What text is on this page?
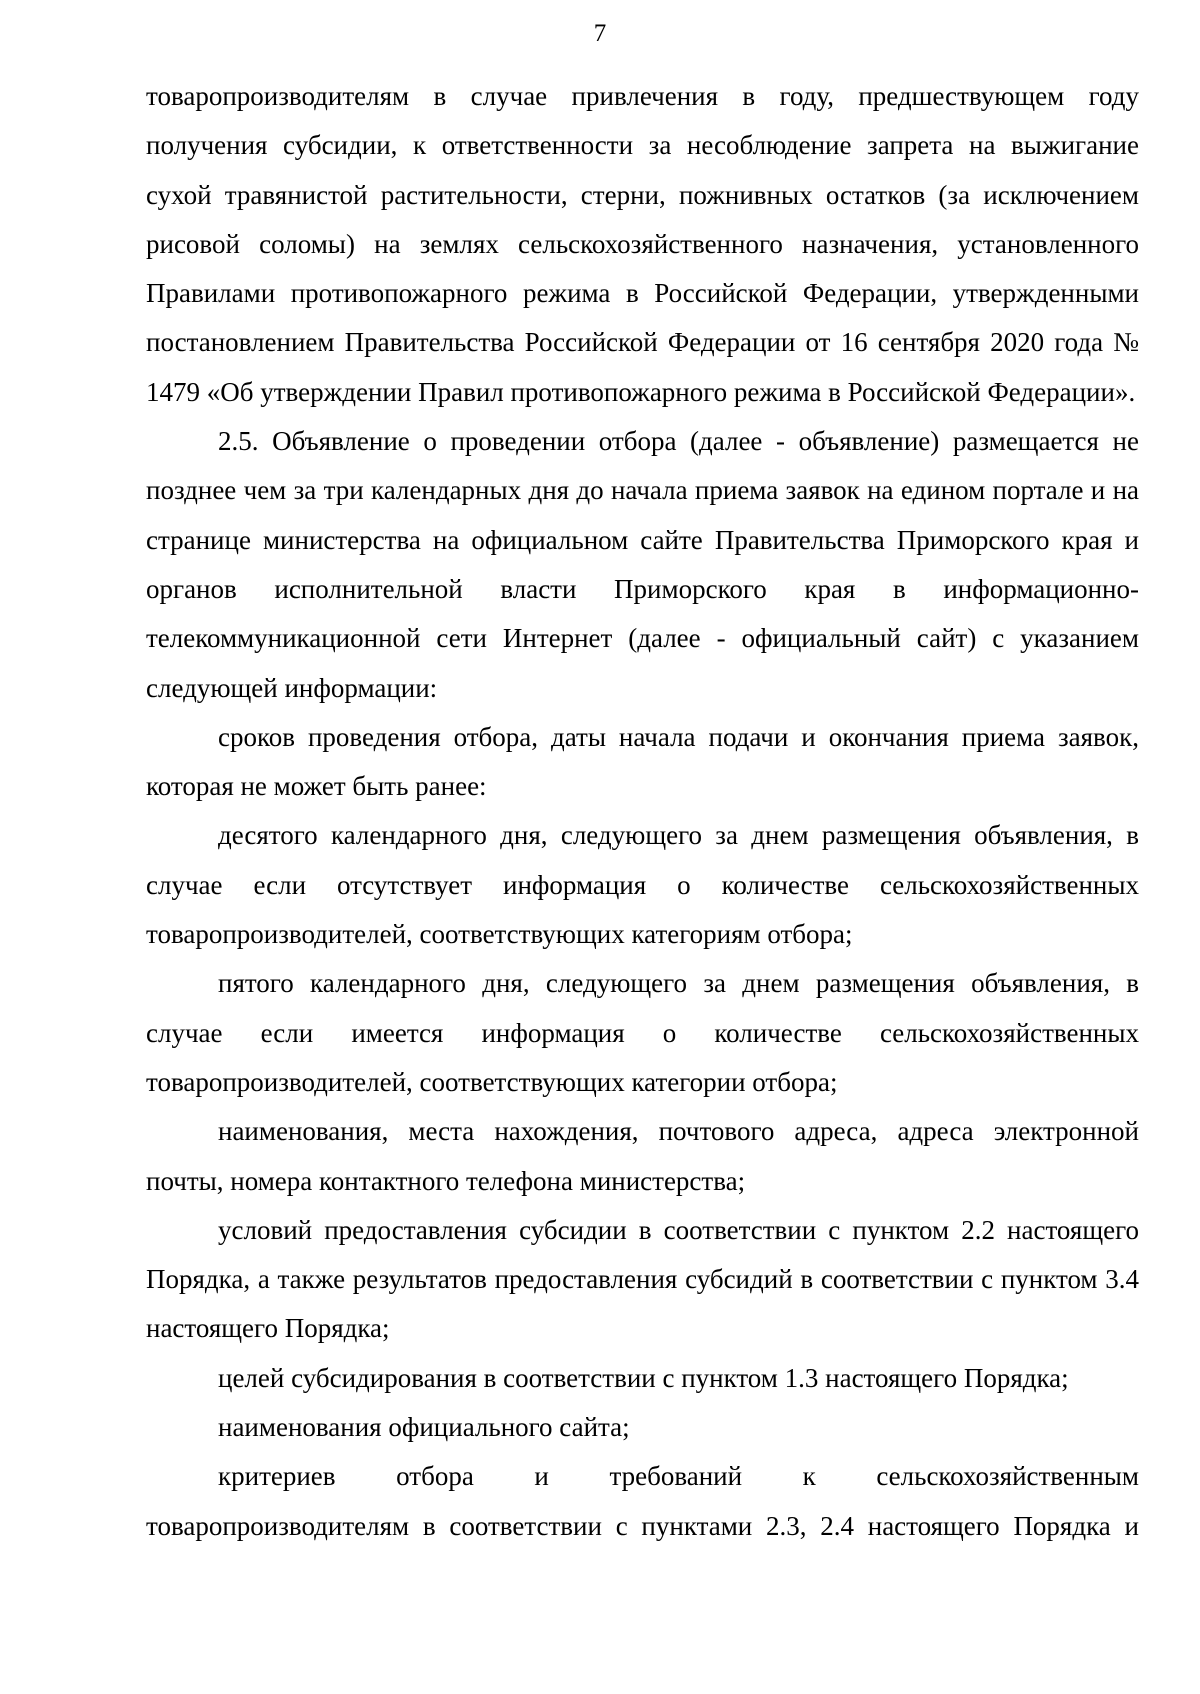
7

товаропроизводителям в случае привлечения в году, предшествующем году получения субсидии, к ответственности за несоблюдение запрета на выжигание сухой травянистой растительности, стерни, пожнивных остатков (за исключением рисовой соломы) на землях сельскохозяйственного назначения, установленного Правилами противопожарного режима в Российской Федерации, утвержденными постановлением Правительства Российской Федерации от 16 сентября 2020 года № 1479 «Об утверждении Правил противопожарного режима в Российской Федерации».

2.5. Объявление о проведении отбора (далее - объявление) размещается не позднее чем за три календарных дня до начала приема заявок на едином портале и на странице министерства на официальном сайте Правительства Приморского края и органов исполнительной власти Приморского края в информационно-телекоммуникационной сети Интернет (далее - официальный сайт) с указанием следующей информации:

сроков проведения отбора, даты начала подачи и окончания приема заявок, которая не может быть ранее:

десятого календарного дня, следующего за днем размещения объявления, в случае если отсутствует информация о количестве сельскохозяйственных товаропроизводителей, соответствующих категориям отбора;

пятого календарного дня, следующего за днем размещения объявления, в случае если имеется информация о количестве сельскохозяйственных товаропроизводителей, соответствующих категории отбора;

наименования, места нахождения, почтового адреса, адреса электронной почты, номера контактного телефона министерства;

условий предоставления субсидии в соответствии с пунктом 2.2 настоящего Порядка, а также результатов предоставления субсидий в соответствии с пунктом 3.4 настоящего Порядка;

целей субсидирования в соответствии с пунктом 1.3 настоящего Порядка;

наименования официального сайта;

критериев отбора и требований к сельскохозяйственным товаропроизводителям в соответствии с пунктами 2.3, 2.4 настоящего Порядка и
